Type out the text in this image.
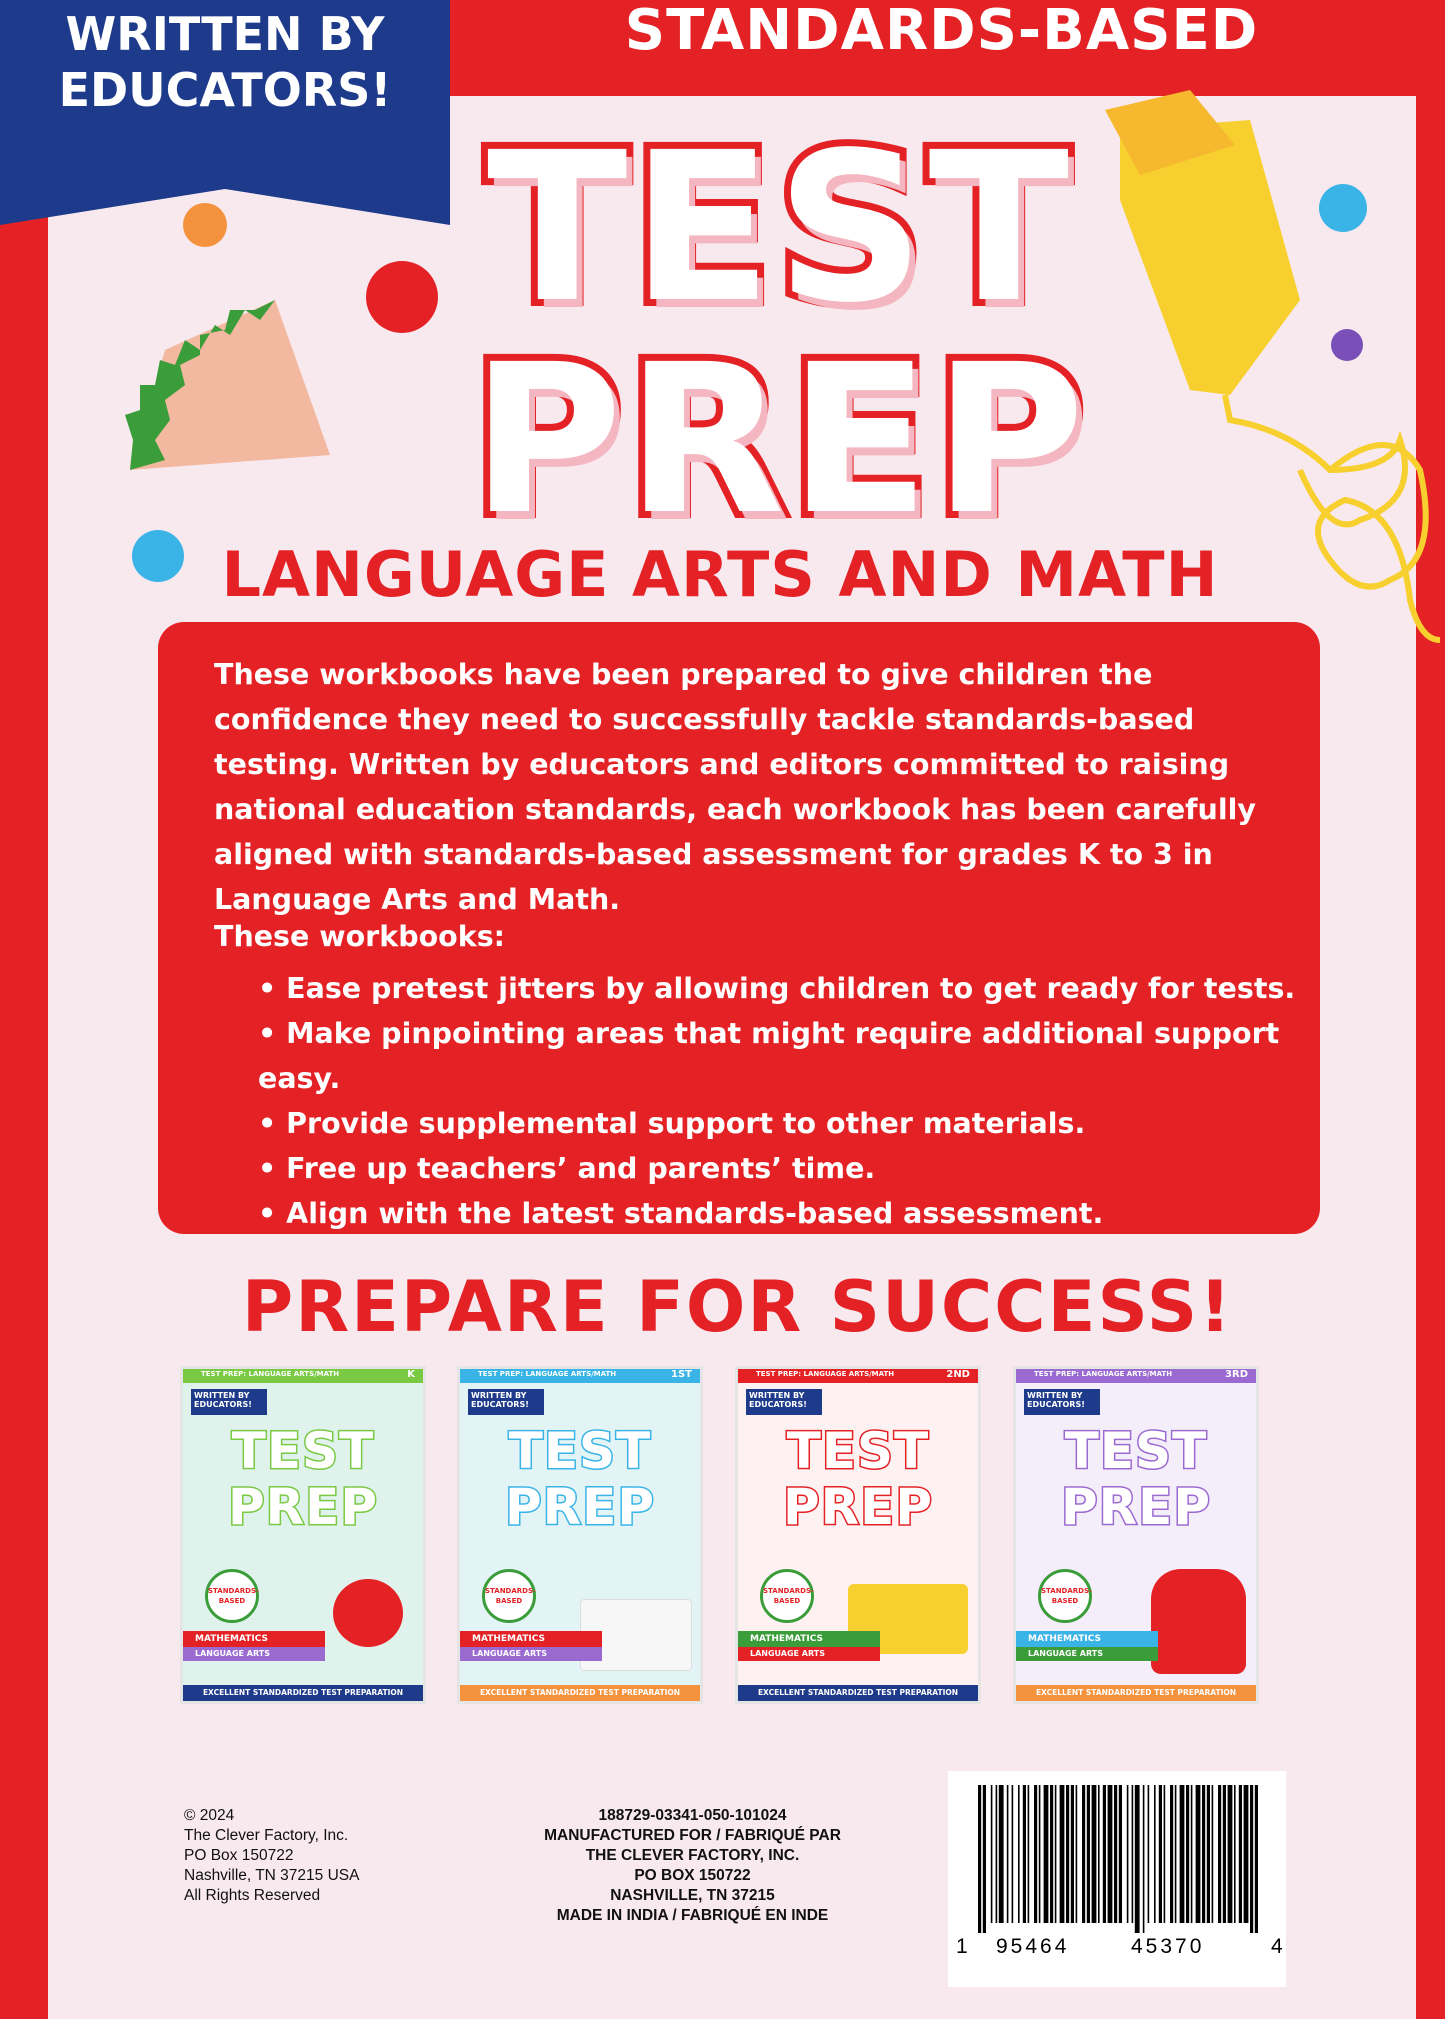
STANDARDS-BASED
WRITTEN BY EDUCATORS!
TEST
PREP
LANGUAGE ARTS AND MATH
These workbooks have been prepared to give children the confidence they need to successfully tackle standards-based testing. Written by educators and editors committed to raising national education standards, each workbook has been carefully aligned with standards-based assessment for grades K to 3 in Language Arts and Math.
These workbooks:
• Ease pretest jitters by allowing children to get ready for tests.
• Make pinpointing areas that might require additional support easy.
• Provide supplemental support to other materials.
• Free up teachers’ and parents’ time.
• Align with the latest standards-based assessment.
PREPARE FOR SUCCESS!
TEST PREP: LANGUAGE ARTS/MATH	K
WRITTEN BY EDUCATORS!
TEST
PREP
STANDARDS-BASED
MATHEMATICS
LANGUAGE ARTS
EXCELLENT STANDARDIZED TEST PREPARATION
TEST PREP: LANGUAGE ARTS/MATH	1ST
WRITTEN BY EDUCATORS!
TEST
PREP
STANDARDS-BASED
MATHEMATICS
LANGUAGE ARTS
EXCELLENT STANDARDIZED TEST PREPARATION
TEST PREP: LANGUAGE ARTS/MATH	2ND
WRITTEN BY EDUCATORS!
TEST
PREP
STANDARDS-BASED
MATHEMATICS
LANGUAGE ARTS
EXCELLENT STANDARDIZED TEST PREPARATION
TEST PREP: LANGUAGE ARTS/MATH	3RD
WRITTEN BY EDUCATORS!
TEST
PREP
STANDARDS-BASED
MATHEMATICS
LANGUAGE ARTS
EXCELLENT STANDARDIZED TEST PREPARATION
© 2024
The Clever Factory, Inc.
PO Box 150722
Nashville, TN 37215 USA
All Rights Reserved
188729-03341-050-101024
MANUFACTURED FOR / FABRIQUÉ PAR
THE CLEVER FACTORY, INC.
PO BOX 150722
NASHVILLE, TN 37215
MADE IN INDIA / FABRIQUÉ EN INDE
1 95464	45370	4
